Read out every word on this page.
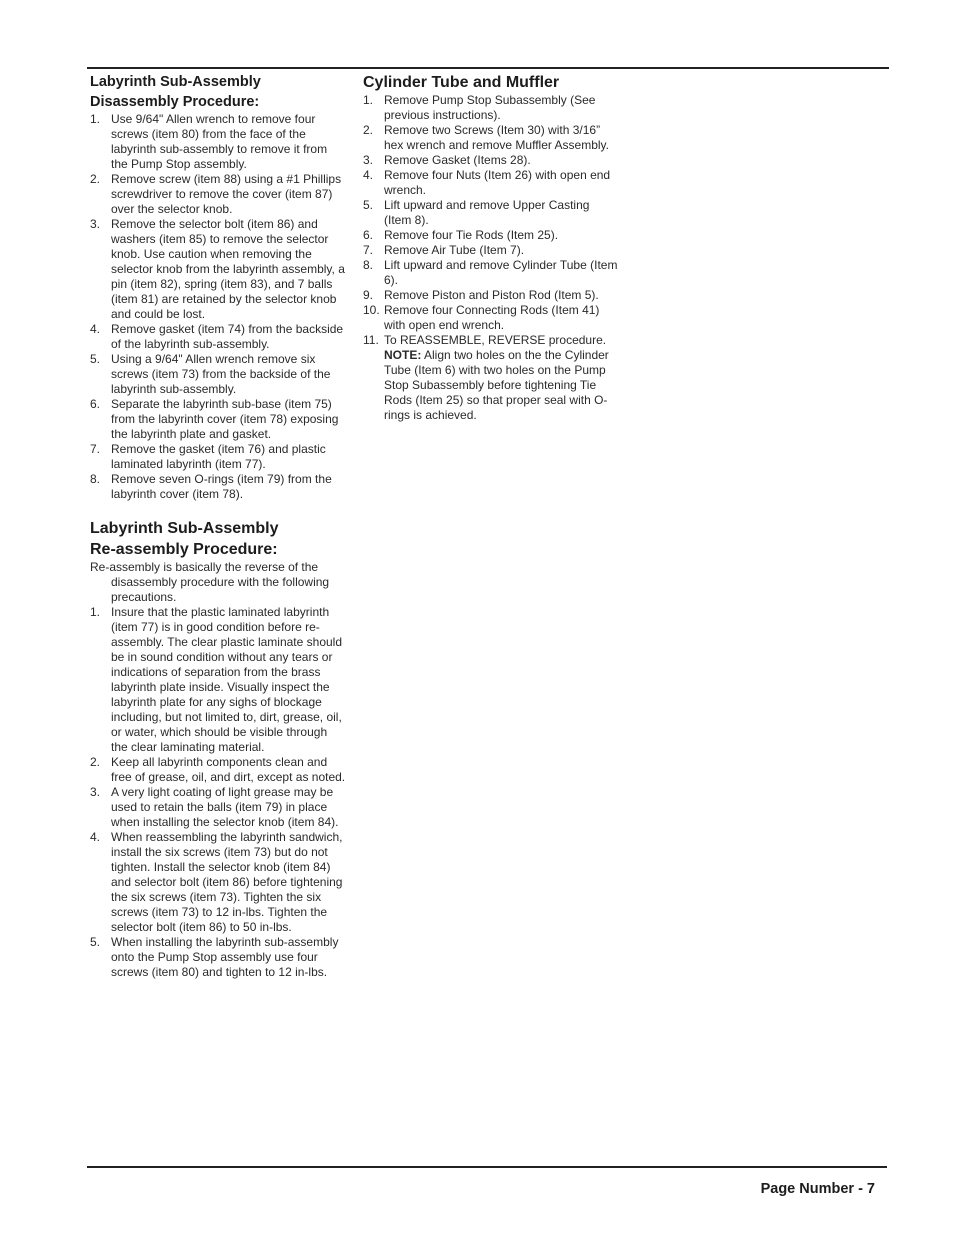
Labyrinth Sub-Assembly
Disassembly Procedure:
1. Use 9/64" Allen wrench to remove four screws (item 80) from the face of the labyrinth sub-assembly to remove it from the Pump Stop assembly.
2. Remove screw (item 88) using a #1 Phillips screwdriver to remove the cover (item 87) over the selector knob.
3. Remove the selector bolt (item 86) and washers (item 85) to remove the selector knob. Use caution when removing the selector knob from the labyrinth assembly, a pin (item 82), spring (item 83), and 7 balls (item 81) are retained by the selector knob and could be lost.
4. Remove gasket (item 74) from the backside of the labyrinth sub-assembly.
5. Using a 9/64" Allen wrench remove six screws (item 73) from the backside of the labyrinth sub-assembly.
6. Separate the labyrinth sub-base (item 75) from the labyrinth cover (item 78) exposing the labyrinth plate and gasket.
7. Remove the gasket (item 76) and plastic laminated labyrinth (item 77).
8. Remove seven O-rings (item 79) from the labyrinth cover (item 78).
Labyrinth Sub-Assembly
Re-assembly Procedure:
Re-assembly is basically the reverse of the disassembly procedure with the following precautions.
1. Insure that the plastic laminated labyrinth (item 77) is in good condition before re-assembly. The clear plastic laminate should be in sound condition without any tears or indications of separation from the brass labyrinth plate inside. Visually inspect the labyrinth plate for any sighs of blockage including, but not limited to, dirt, grease, oil, or water, which should be visible through the clear laminating material.
2. Keep all labyrinth components clean and free of grease, oil, and dirt, except as noted.
3. A very light coating of light grease may be used to retain the balls (item 79) in place when installing the selector knob (item 84).
4. When reassembling the labyrinth sandwich, install the six screws (item 73) but do not tighten. Install the selector knob (item 84) and selector bolt (item 86) before tightening the six screws (item 73). Tighten the six screws (item 73) to 12 in-lbs. Tighten the selector bolt (item 86) to 50 in-lbs.
5. When installing the labyrinth sub-assembly onto the Pump Stop assembly use four screws (item 80) and tighten to 12 in-lbs.
Cylinder Tube and Muffler
1. Remove Pump Stop Subassembly (See previous instructions).
2. Remove two Screws (Item 30) with 3/16” hex wrench and remove Muffler Assembly.
3. Remove Gasket (Items 28).
4. Remove four Nuts (Item 26) with open end wrench.
5. Lift upward and remove Upper Casting (Item 8).
6. Remove four Tie Rods (Item 25).
7. Remove Air Tube (Item 7).
8. Lift upward and remove Cylinder Tube (Item 6).
9. Remove Piston and Piston Rod (Item 5).
10. Remove four Connecting Rods (Item 41) with open end wrench.
11. To REASSEMBLE, REVERSE procedure.
NOTE: Align two holes on the the Cylinder Tube (Item 6) with two holes on the Pump Stop Subassembly before tightening Tie Rods (Item 25) so that proper seal with O-rings is achieved.
Page Number - 7
